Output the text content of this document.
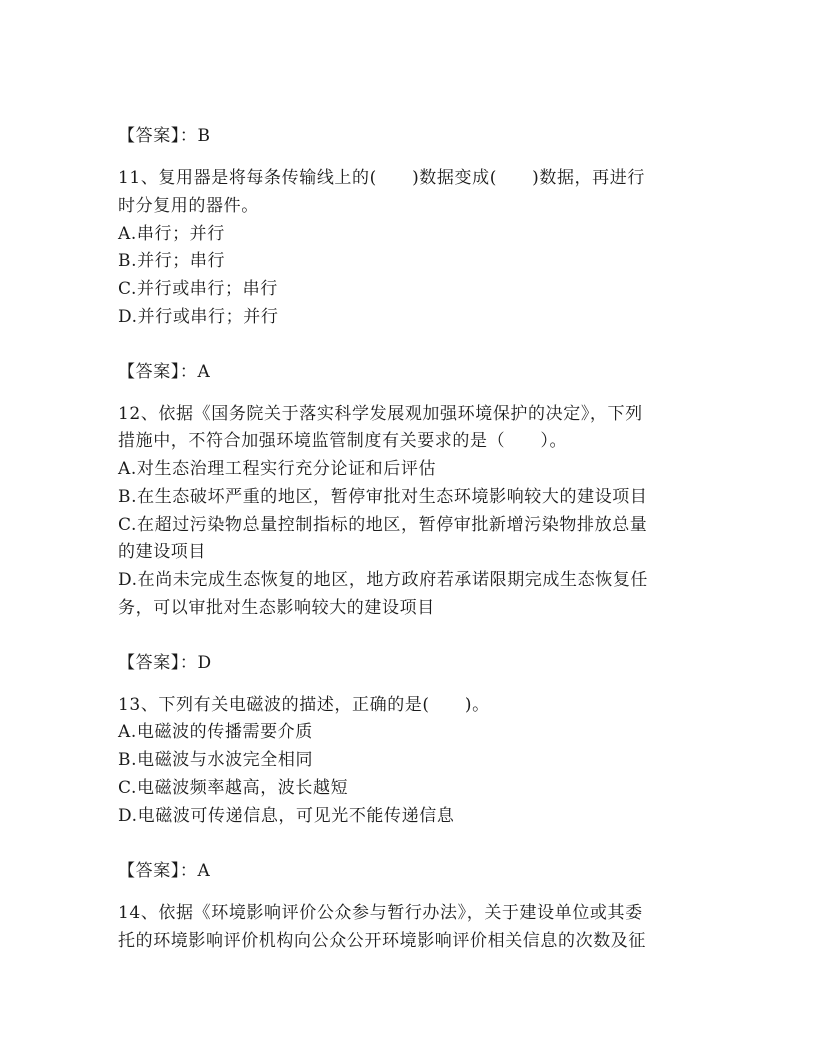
【答案】：B
11、复用器是将每条传输线上的(　　)数据变成(　　)数据，再进行
时分复用的器件。
A.串行；并行
B.并行；串行
C.并行或串行；串行
D.并行或串行；并行
【答案】：A
12、依据《国务院关于落实科学发展观加强环境保护的决定》，下列
措施中，不符合加强环境监管制度有关要求的是（　　）。
A.对生态治理工程实行充分论证和后评估
B.在生态破坏严重的地区，暂停审批对生态环境影响较大的建设项目
C.在超过污染物总量控制指标的地区，暂停审批新增污染物排放总量
的建设项目
D.在尚未完成生态恢复的地区，地方政府若承诺限期完成生态恢复任
务，可以审批对生态影响较大的建设项目
【答案】：D
13、下列有关电磁波的描述，正确的是(　　)。
A.电磁波的传播需要介质
B.电磁波与水波完全相同
C.电磁波频率越高，波长越短
D.电磁波可传递信息，可见光不能传递信息
【答案】：A
14、依据《环境影响评价公众参与暂行办法》，关于建设单位或其委
托的环境影响评价机构向公众公开环境影响评价相关信息的次数及征
